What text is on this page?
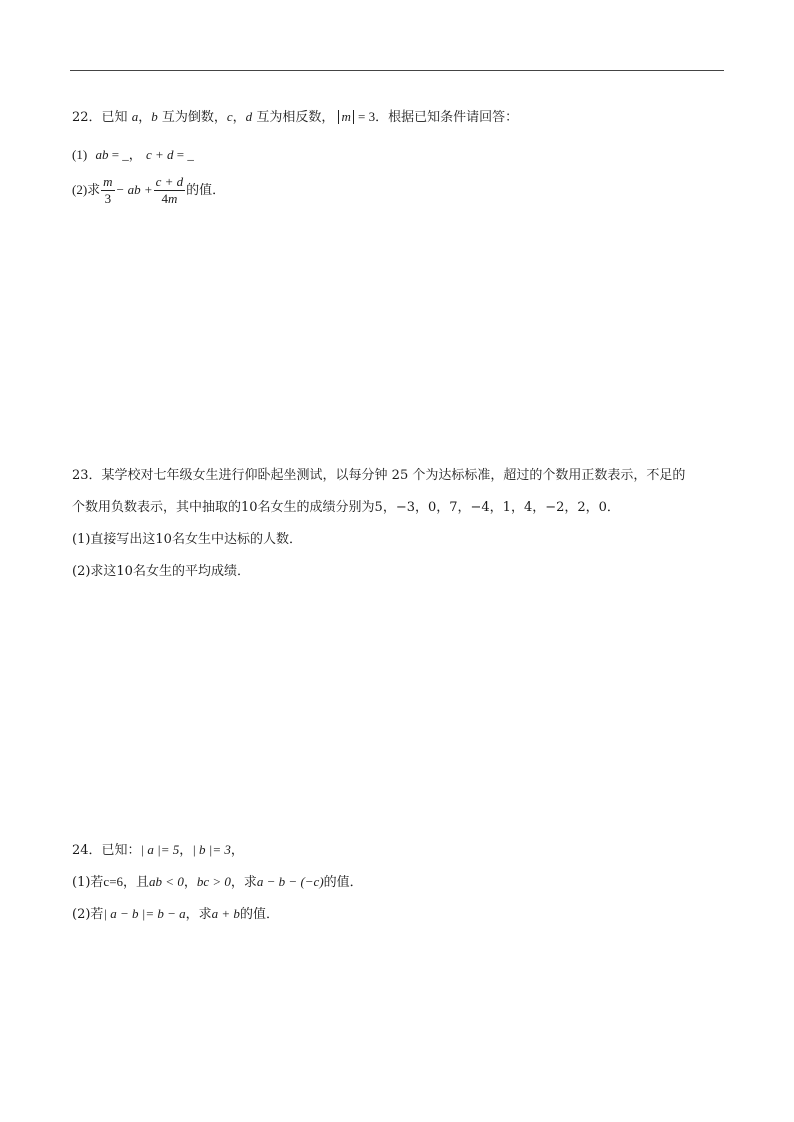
22．已知 a，b 互为倒数，c，d 互为相反数， m = 3．根据已知条件请回答：
(1) ab = _， c + d = _
(2)求 $\frac{m}{3}$ − ab + $\frac{c + d}{4m}$ 的值．
23．某学校对七年级女生进行仰卧起坐测试，以每分钟 25 个为达标标准，超过的个数用正数表示，不足的
个数用负数表示，其中抽取的10名女生的成绩分别为5，−3，0，7，−4，1，4，−2，2，0．
(1)直接写出这10名女生中达标的人数．
(2)求这10名女生的平均成绩．
24．已知：| a |= 5，| b |= 3，
(1)若c=6，且ab < 0，bc > 0，求a − b − (−c)的值．
(2)若| a − b |= b − a，求a + b的值．
